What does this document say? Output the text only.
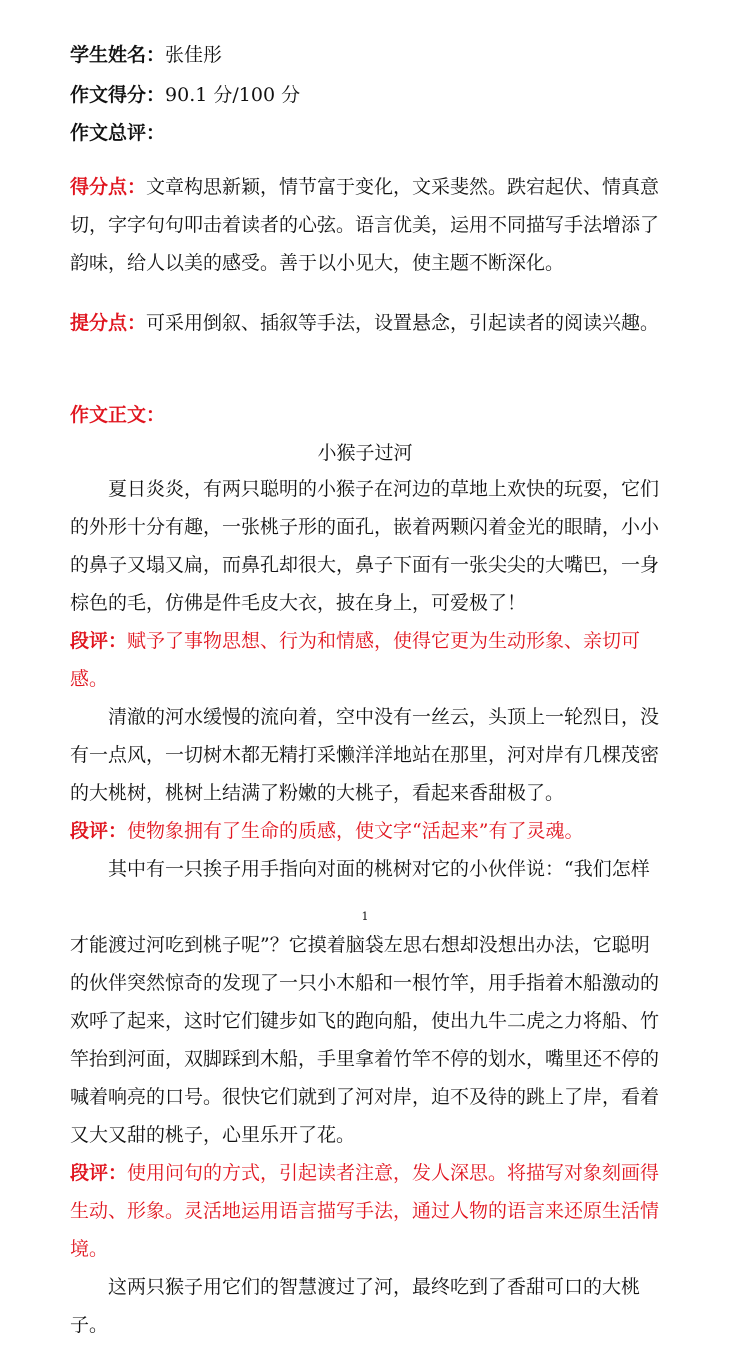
学生姓名：张佳彤
作文得分：90.1 分/100 分
作文总评：

得分点：文章构思新颖，情节富于变化，文采斐然。跌宕起伏、情真意切，字字句句叩击着读者的心弦。语言优美，运用不同描写手法增添了韵味，给人以美的感受。善于以小见大，使主题不断深化。

提分点：可采用倒叙、插叙等手法，设置悬念，引起读者的阅读兴趣。

作文正文：
小猴子过河

夏日炎炎，有两只聪明的小猴子在河边的草地上欢快的玩耍，它们的外形十分有趣，一张桃子形的面孔，嵌着两颗闪着金光的眼睛，小小的鼻子又塌又扁，而鼻孔却很大，鼻子下面有一张尖尖的大嘴巴，一身棕色的毛，仿佛是件毛皮大衣，披在身上，可爱极了！

段评：赋予了事物思想、行为和情感，使得它更为生动形象、亲切可感。

清澈的河水缓慢的流向着，空中没有一丝云，头顶上一轮烈日，没有一点风，一切树木都无精打采懒洋洋地站在那里，河对岸有几棵茂密的大桃树，桃树上结满了粉嫩的大桃子，看起来香甜极了。

段评：使物象拥有了生命的质感，使文字“活起来”有了灵魂。

其中有一只挨子用手指向对面的桃树对它的小伙伴说：“我们怎样

1

才能渡过河吃到桃子呢”？它摸着脑袋左思右想却没想出办法，它聪明的伙伴突然惊奇的发现了一只小木船和一根竹竿，用手指着木船激动的欢呼了起来，这时它们键步如飞的跑向船，使出九牛二虎之力将船、竹竿抬到河面，双脚踩到木船，手里拿着竹竿不停的划水，嘴里还不停的喊着响亮的口号。很快它们就到了河对岸，迫不及待的跳上了岸，看着又大又甜的桃子，心里乐开了花。

段评：使用问句的方式，引起读者注意，发人深思。将描写对象刻画得生动、形象。灵活地运用语言描写手法，通过人物的语言来还原生活情境。

这两只猴子用它们的智慧渡过了河，最终吃到了香甜可口的大桃子。
